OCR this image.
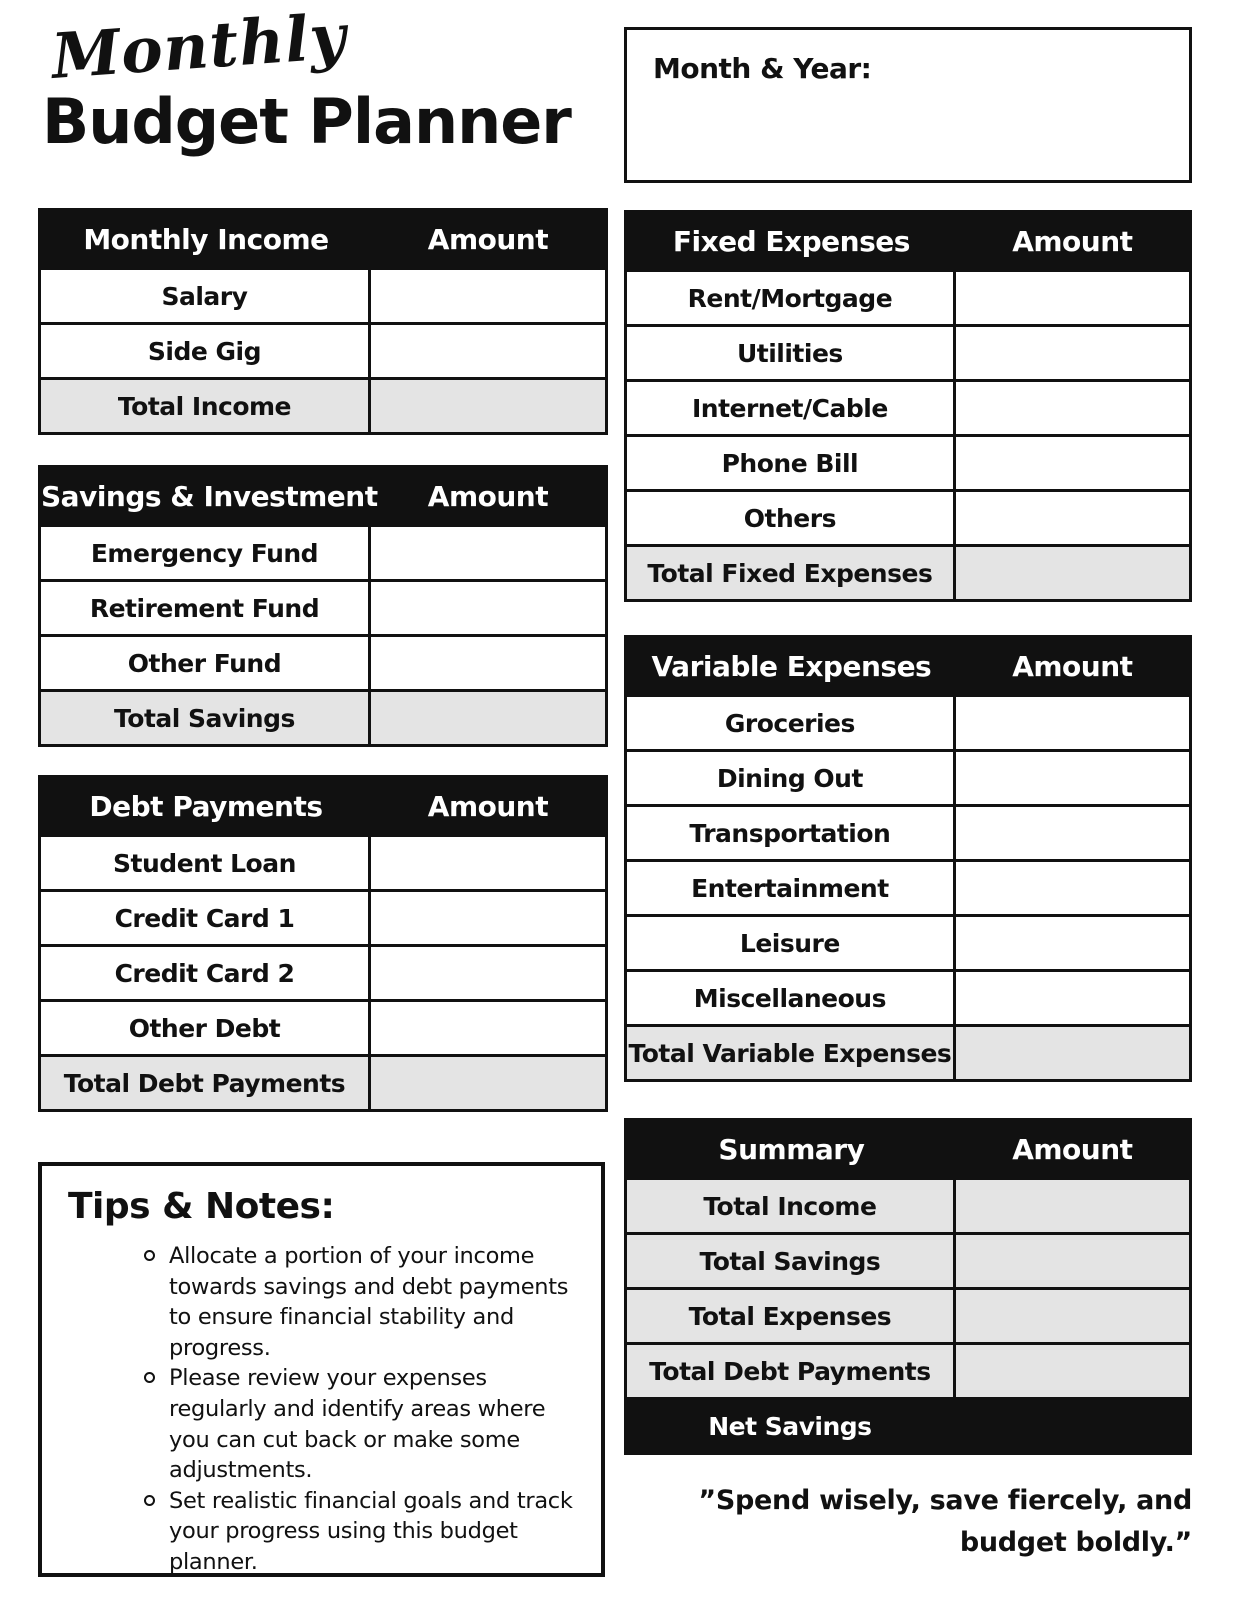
Monthly
Budget Planner
Monthly Income	Amount
Salary
Side Gig
Total Income
Savings & Investment	Amount
Emergency Fund
Retirement Fund
Other Fund
Total Savings
Debt Payments	Amount
Student Loan
Credit Card 1
Credit Card 2
Other Debt
Total Debt Payments
Tips & Notes:
Allocate a portion of your income towards savings and debt payments to ensure financial stability and progress.
Please review your expenses regularly and identify areas where you can cut back or make some adjustments.
Set realistic financial goals and track your progress using this budget planner.
Month & Year:
Fixed Expenses	Amount
Rent/Mortgage
Utilities
Internet/Cable
Phone Bill
Others
Total Fixed Expenses
Variable Expenses	Amount
Groceries
Dining Out
Transportation
Entertainment
Leisure
Miscellaneous
Total Variable Expenses
Summary	Amount
Total Income
Total Savings
Total Expenses
Total Debt Payments
Net Savings
”Spend wisely, save fiercely, and
budget boldly.”
